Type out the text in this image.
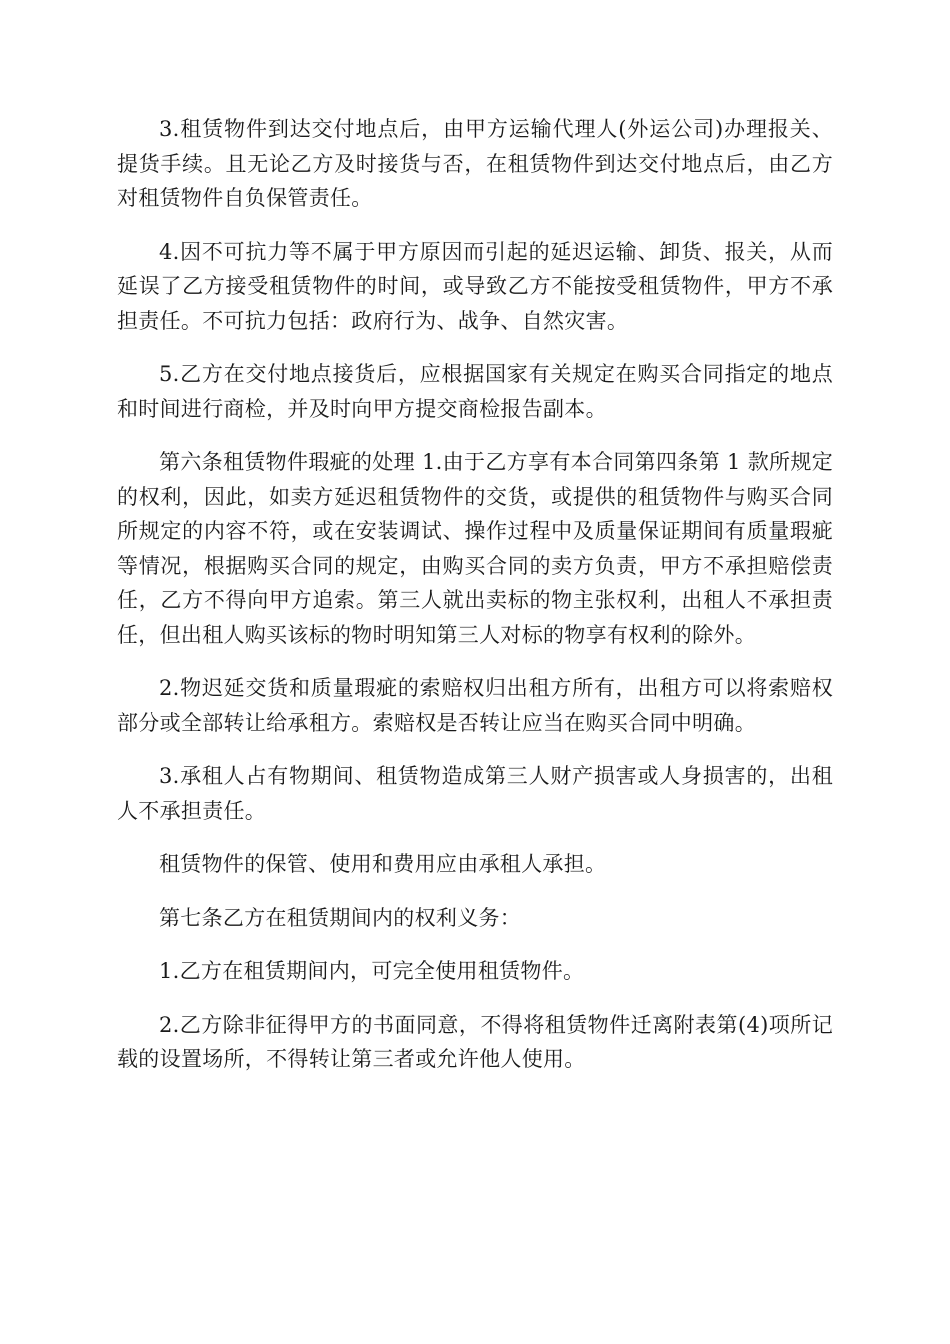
3.租赁物件到达交付地点后，由甲方运输代理人(外运公司)办理报关、提货手续。且无论乙方及时接货与否，在租赁物件到达交付地点后，由乙方对租赁物件自负保管责任。

4.因不可抗力等不属于甲方原因而引起的延迟运输、卸货、报关，从而延误了乙方接受租赁物件的时间，或导致乙方不能按受租赁物件，甲方不承担责任。不可抗力包括：政府行为、战争、自然灾害。

5.乙方在交付地点接货后，应根据国家有关规定在购买合同指定的地点和时间进行商检，并及时向甲方提交商检报告副本。

第六条租赁物件瑕疵的处理 1.由于乙方享有本合同第四条第 1 款所规定的权利，因此，如卖方延迟租赁物件的交货，或提供的租赁物件与购买合同所规定的内容不符，或在安装调试、操作过程中及质量保证期间有质量瑕疵等情况，根据购买合同的规定，由购买合同的卖方负责，甲方不承担赔偿责任，乙方不得向甲方追索。第三人就出卖标的物主张权利，出租人不承担责任，但出租人购买该标的物时明知第三人对标的物享有权利的除外。

2.物迟延交货和质量瑕疵的索赔权归出租方所有，出租方可以将索赔权部分或全部转让给承租方。索赔权是否转让应当在购买合同中明确。

3.承租人占有物期间、租赁物造成第三人财产损害或人身损害的，出租人不承担责任。

租赁物件的保管、使用和费用应由承租人承担。

第七条乙方在租赁期间内的权利义务：

1.乙方在租赁期间内，可完全使用租赁物件。

2.乙方除非征得甲方的书面同意，不得将租赁物件迁离附表第(4)项所记载的设置场所，不得转让第三者或允许他人使用。
